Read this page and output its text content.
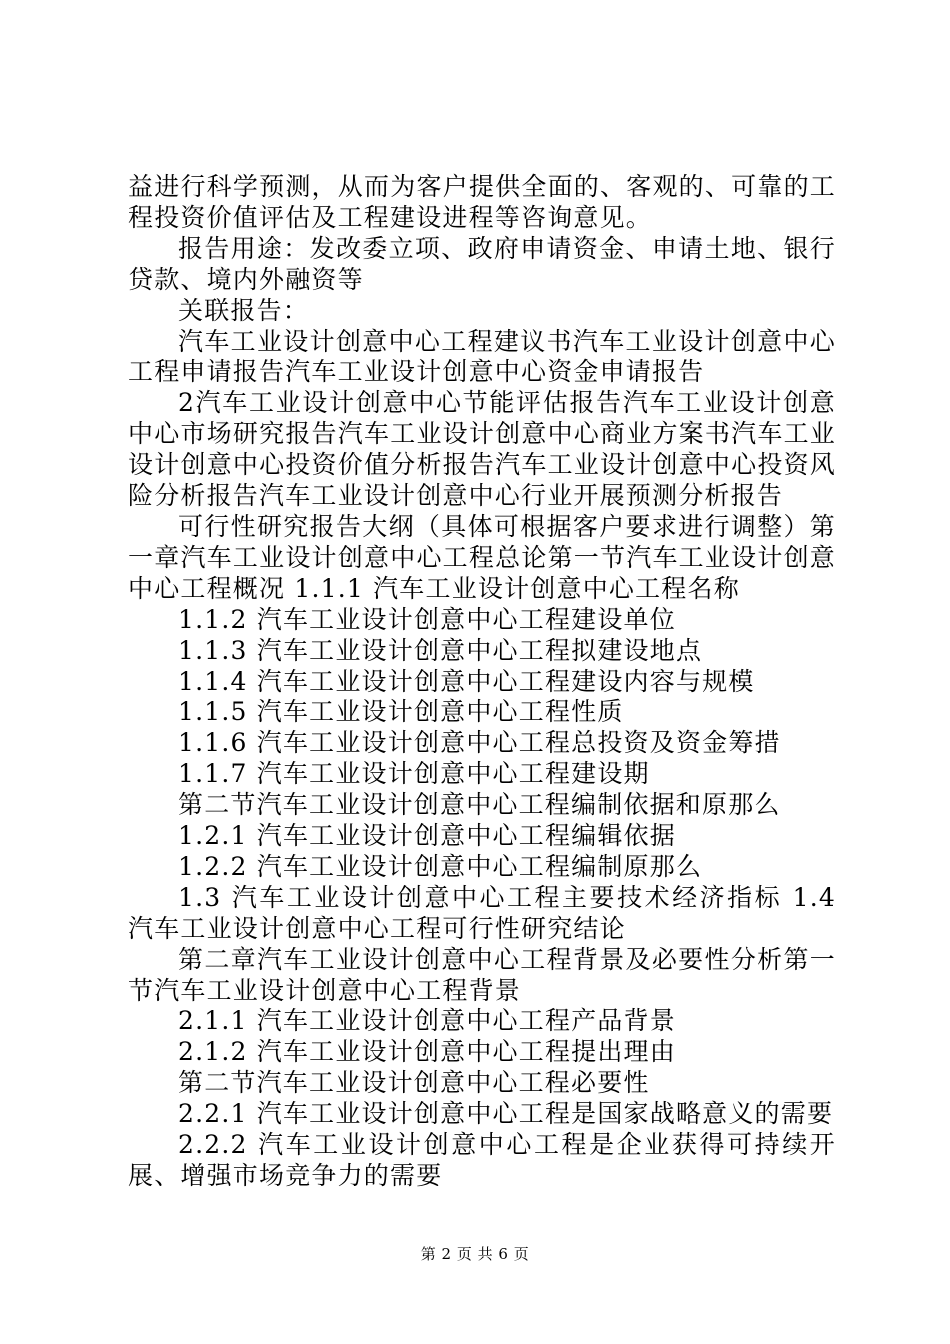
益进行科学预测，从而为客户提供全面的、客观的、可靠的工程投资价值评估及工程建设进程等咨询意见。

报告用途：发改委立项、政府申请资金、申请土地、银行贷款、境内外融资等

关联报告：

汽车工业设计创意中心工程建议书汽车工业设计创意中心工程申请报告汽车工业设计创意中心资金申请报告

2汽车工业设计创意中心节能评估报告汽车工业设计创意中心市场研究报告汽车工业设计创意中心商业方案书汽车工业设计创意中心投资价值分析报告汽车工业设计创意中心投资风险分析报告汽车工业设计创意中心行业开展预测分析报告

可行性研究报告大纲（具体可根据客户要求进行调整）第一章汽车工业设计创意中心工程总论第一节汽车工业设计创意中心工程概况 1.1.1 汽车工业设计创意中心工程名称

1.1.2 汽车工业设计创意中心工程建设单位

1.1.3 汽车工业设计创意中心工程拟建设地点

1.1.4 汽车工业设计创意中心工程建设内容与规模

1.1.5 汽车工业设计创意中心工程性质

1.1.6 汽车工业设计创意中心工程总投资及资金筹措

1.1.7 汽车工业设计创意中心工程建设期

第二节汽车工业设计创意中心工程编制依据和原那么

1.2.1 汽车工业设计创意中心工程编辑依据

1.2.2 汽车工业设计创意中心工程编制原那么

1.3 汽车工业设计创意中心工程主要技术经济指标 1.4 汽车工业设计创意中心工程可行性研究结论

第二章汽车工业设计创意中心工程背景及必要性分析第一节汽车工业设计创意中心工程背景

2.1.1 汽车工业设计创意中心工程产品背景

2.1.2 汽车工业设计创意中心工程提出理由

第二节汽车工业设计创意中心工程必要性

2.2.1 汽车工业设计创意中心工程是国家战略意义的需要

2.2.2 汽车工业设计创意中心工程是企业获得可持续开展、增强市场竞争力的需要

第 2 页 共 6 页
